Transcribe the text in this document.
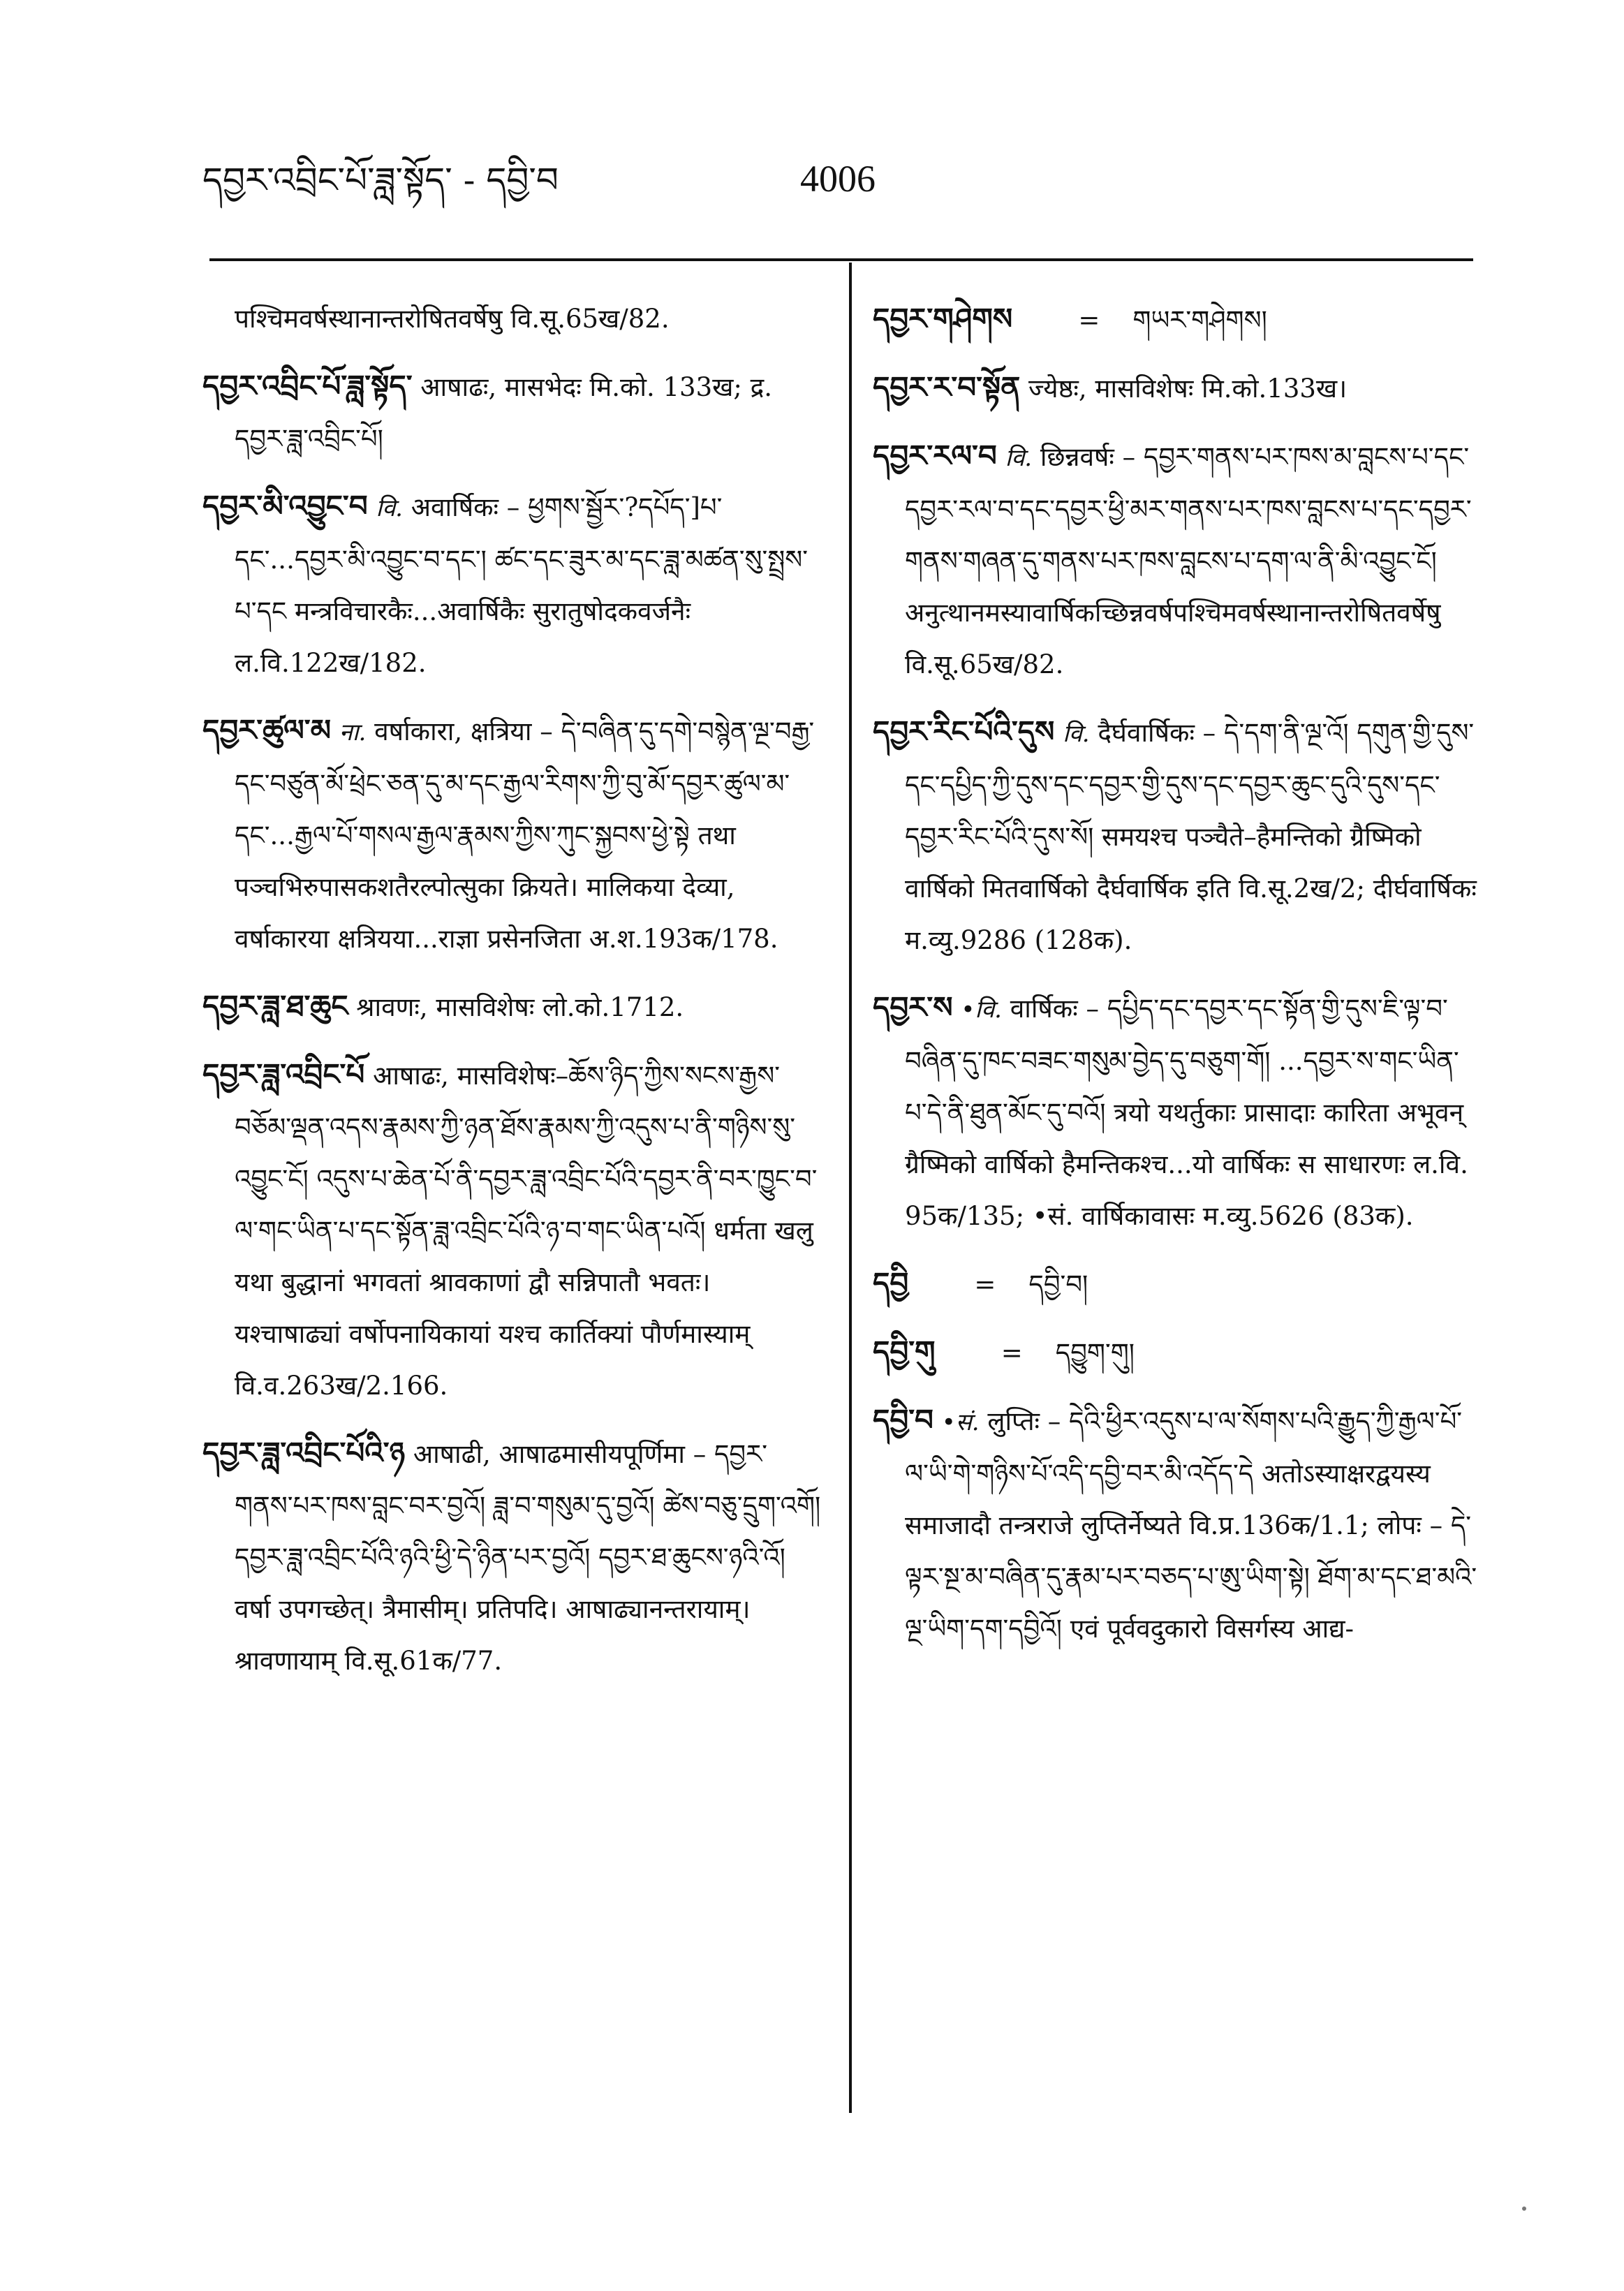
དབྱར་འབྲིང་པོ་ཟླ་སྟོད་ - དབྱི་བ	4006

पश्चिमवर्षस्थानान्तरोषितवर्षेषु वि.सू.65ख/82.

དབྱར་འབྲིང་པོ་ཟླ་སྟོད་ आषाढः, मासभेदः मि.को. 133ख; द्र. དབྱར་ཟླ་འབྲིང་པོ།

དབྱར་མི་འབྱུང་བ वि. अवार्षिकः – ཕྱགས་སྦྱོར་?དཔོད་]པ་དང་...དབྱར་མི་འབྱུང་བ་དང་། ཚང་དང་ཟུར་མ་དང་ཟླ་མཚན་སུ་སྤྲས་པ་དང मन्त्रविचारकैः...अवार्षिकैः सुरातुषोदकवर्जनैः ल.वि.122ख/182.

དབྱར་ཚུལ་མ ना. वर्षाकारा, क्षत्रिया – དེ་བཞིན་དུ་དགེ་བསྙེན་ལྔ་བརྒྱ་དང་བཙུན་མོ་ཕྲེང་ཅན་དུ་མ་དང་རྒྱལ་རིགས་ཀྱི་བུ་མོ་དབྱར་ཚུལ་མ་དང་...རྒྱལ་པོ་གསལ་རྒྱལ་རྣམས་ཀྱིས་ཀུང་སྐྱབས་ཕྱེ་སྟེ तथा पञ्चभिरुपासकशतैरल्पोत्सुका क्रियते। मालिकया देव्या, वर्षाकारया क्षत्रियया...राज्ञा प्रसेनजिता अ.श.193क/178.

དབྱར་ཟླ་ཐ་ཆུང श्रावणः, मासविशेषः लो.को.1712.

དབྱར་ཟླ་འབྲིང་པོ आषाढः, मासविशेषः–ཆོས་ཉིད་ཀྱིས་སངས་རྒྱས་བཅོམ་ལྡན་འདས་རྣམས་ཀྱི་ཉན་ཐོས་རྣམས་ཀྱི་འདུས་པ་ནི་གཉིས་སུ་འབྱུང་ངོ། འདུས་པ་ཆེན་པོ་ནི་དབྱར་ཟླ་འབྲིང་པོའི་དབྱར་ནི་བར་ཁྱུང་བ་ལ་གང་ཡིན་པ་དང་སྟོན་ཟླ་འབྲིང་པོའི་ཉ་བ་གང་ཡིན་པའོ། धर्मता खलु यथा बुद्धानां भगवतां श्रावकाणां द्वौ सन्निपातौ भवतः। यश्चाषाढ्यां वर्षोपनायिकायां यश्च कार्तिक्यां पौर्णमास्याम् वि.व.263ख/2.166.

དབྱར་ཟླ་འབྲིང་པོའི་ཉ आषाढी, आषाढमासीयपूर्णिमा – དབྱར་གནས་པར་ཁས་བླང་བར་བྱའོ། ཟླ་བ་གསུམ་དུ་བྱའོ། ཚེས་བཅུ་དྲུག་འགོ། དབྱར་ཟླ་འབྲིང་པོའི་ཉའི་ཕྱི་དེ་ཉིན་པར་བྱའོ། དབྱར་ཐ་ཆུངས་ཉའི་འོ། वर्षा उपगच्छेत्। त्रैमासीम्। प्रतिपदि। आषाढ्यानन्तरायाम्। श्रावणायाम् वि.सू.61क/77.

དབྱར་གཤེགས        =    གཡར་གཤེགས།

དབྱར་ར་བ་སྟོན ज्येष्ठः, मासविशेषः मि.को.133ख।

དབྱར་རལ་བ वि. छिन्नवर्षः – དབྱར་གནས་པར་ཁས་མ་བླངས་པ་དང་དབྱར་རལ་བ་དང་དབྱར་ཕྱི་མར་གནས་པར་ཁས་བླངས་པ་དང་དབྱར་གནས་གཞན་དུ་གནས་པར་ཁས་བླངས་པ་དག་ལ་ནི་མི་འབྱུང་ངོ། अनुत्थानमस्यावार्षिकच्छिन्नवर्षपश्चिमवर्षस्थानान्तरोषितवर्षेषु वि.सू.65ख/82.

དབྱར་རིང་པོའི་དུས वि. दैर्घवार्षिकः – དེ་དག་ནི་ལྔ་འོ། དགུན་གྱི་དུས་དང་དཔྱིད་ཀྱི་དུས་དང་དབྱར་གྱི་དུས་དང་དབྱར་ཆུང་དུའི་དུས་དང་དབྱར་རིང་པོའི་དུས་སོ། समयश्च पञ्चैते–हैमन्तिको ग्रैष्मिको वार्षिको मितवार्षिको दैर्घवार्षिक इति वि.सू.2ख/2; दीर्घवार्षिकः म.व्यु.9286 (128क).

དབྱར་ས •वि. वार्षिकः – དཔྱིད་དང་དབྱར་དང་སྟོན་གྱི་དུས་ཇི་ལྟ་བ་བཞིན་དུ་ཁང་བཟང་གསུམ་བྱེད་དུ་བཅུག་གོ། ...དབྱར་ས་གང་ཡིན་པ་དེ་ནི་ཐུན་མོང་དུ་བའོ། त्रयो यथर्तुकाः प्रासादाः कारिता अभूवन् ग्रैष्मिको वार्षिको हैमन्तिकश्च...यो वार्षिकः स साधारणः ल.वि. 95क/135; •सं. वार्षिकावासः म.व्यु.5626 (83क).

དབྱི        =    དབྱི་བ།

དབྱི་གུ        =    དབྱུག་གུ།

དབྱི་བ •सं. लुप्तिः – དེའི་ཕྱིར་འདུས་པ་ལ་སོགས་པའི་རྒྱུད་ཀྱི་རྒྱལ་པོ་ལ་ཡི་གེ་གཉིས་པོ་འདི་དབྱི་བར་མི་འདོད་དེ अतोऽस्याक्षरद्वयस्य समाजादौ तन्त्रराजे लुप्तिर्नेष्यते वि.प्र.136क/1.1; लोपः – དེ་ལྟར་སྔ་མ་བཞིན་དུ་རྣམ་པར་བཅད་པ་ཨུ་ཡིག་སྟེ། ཐོག་མ་དང་ཐ་མའི་ལྔ་ཡིག་དག་དབྱིའོ། एवं पूर्ववदुकारो विसर्गस्य आद्य-
